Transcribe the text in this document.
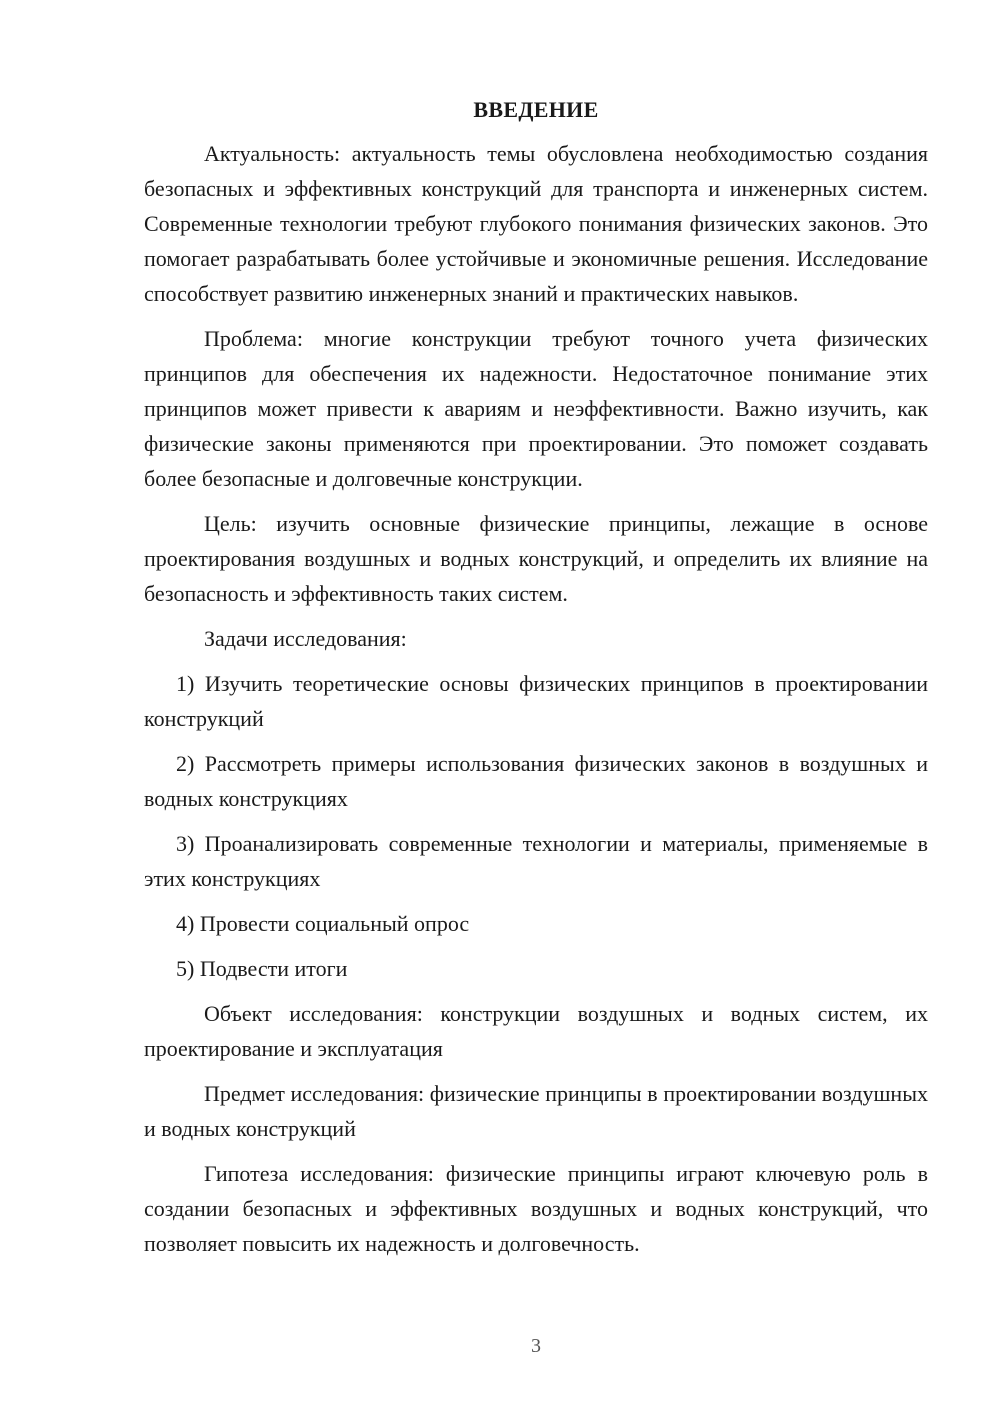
ВВЕДЕНИЕ

Актуальность: актуальность темы обусловлена необходимостью создания безопасных и эффективных конструкций для транспорта и инженерных систем. Современные технологии требуют глубокого понимания физических законов. Это помогает разрабатывать более устойчивые и экономичные решения. Исследование способствует развитию инженерных знаний и практических навыков.

Проблема: многие конструкции требуют точного учета физических принципов для обеспечения их надежности. Недостаточное понимание этих принципов может привести к авариям и неэффективности. Важно изучить, как физические законы применяются при проектировании. Это поможет создавать более безопасные и долговечные конструкции.

Цель: изучить основные физические принципы, лежащие в основе проектирования воздушных и водных конструкций, и определить их влияние на безопасность и эффективность таких систем.

Задачи исследования:

1) Изучить теоретические основы физических принципов в проектировании конструкций

2) Рассмотреть примеры использования физических законов в воздушных и водных конструкциях

3) Проанализировать современные технологии и материалы, применяемые в этих конструкциях

4) Провести социальный опрос

5) Подвести итоги

Объект исследования: конструкции воздушных и водных систем, их проектирование и эксплуатация

Предмет исследования: физические принципы в проектировании воздушных и водных конструкций

Гипотеза исследования: физические принципы играют ключевую роль в создании безопасных и эффективных воздушных и водных конструкций, что позволяет повысить их надежность и долговечность.

3
